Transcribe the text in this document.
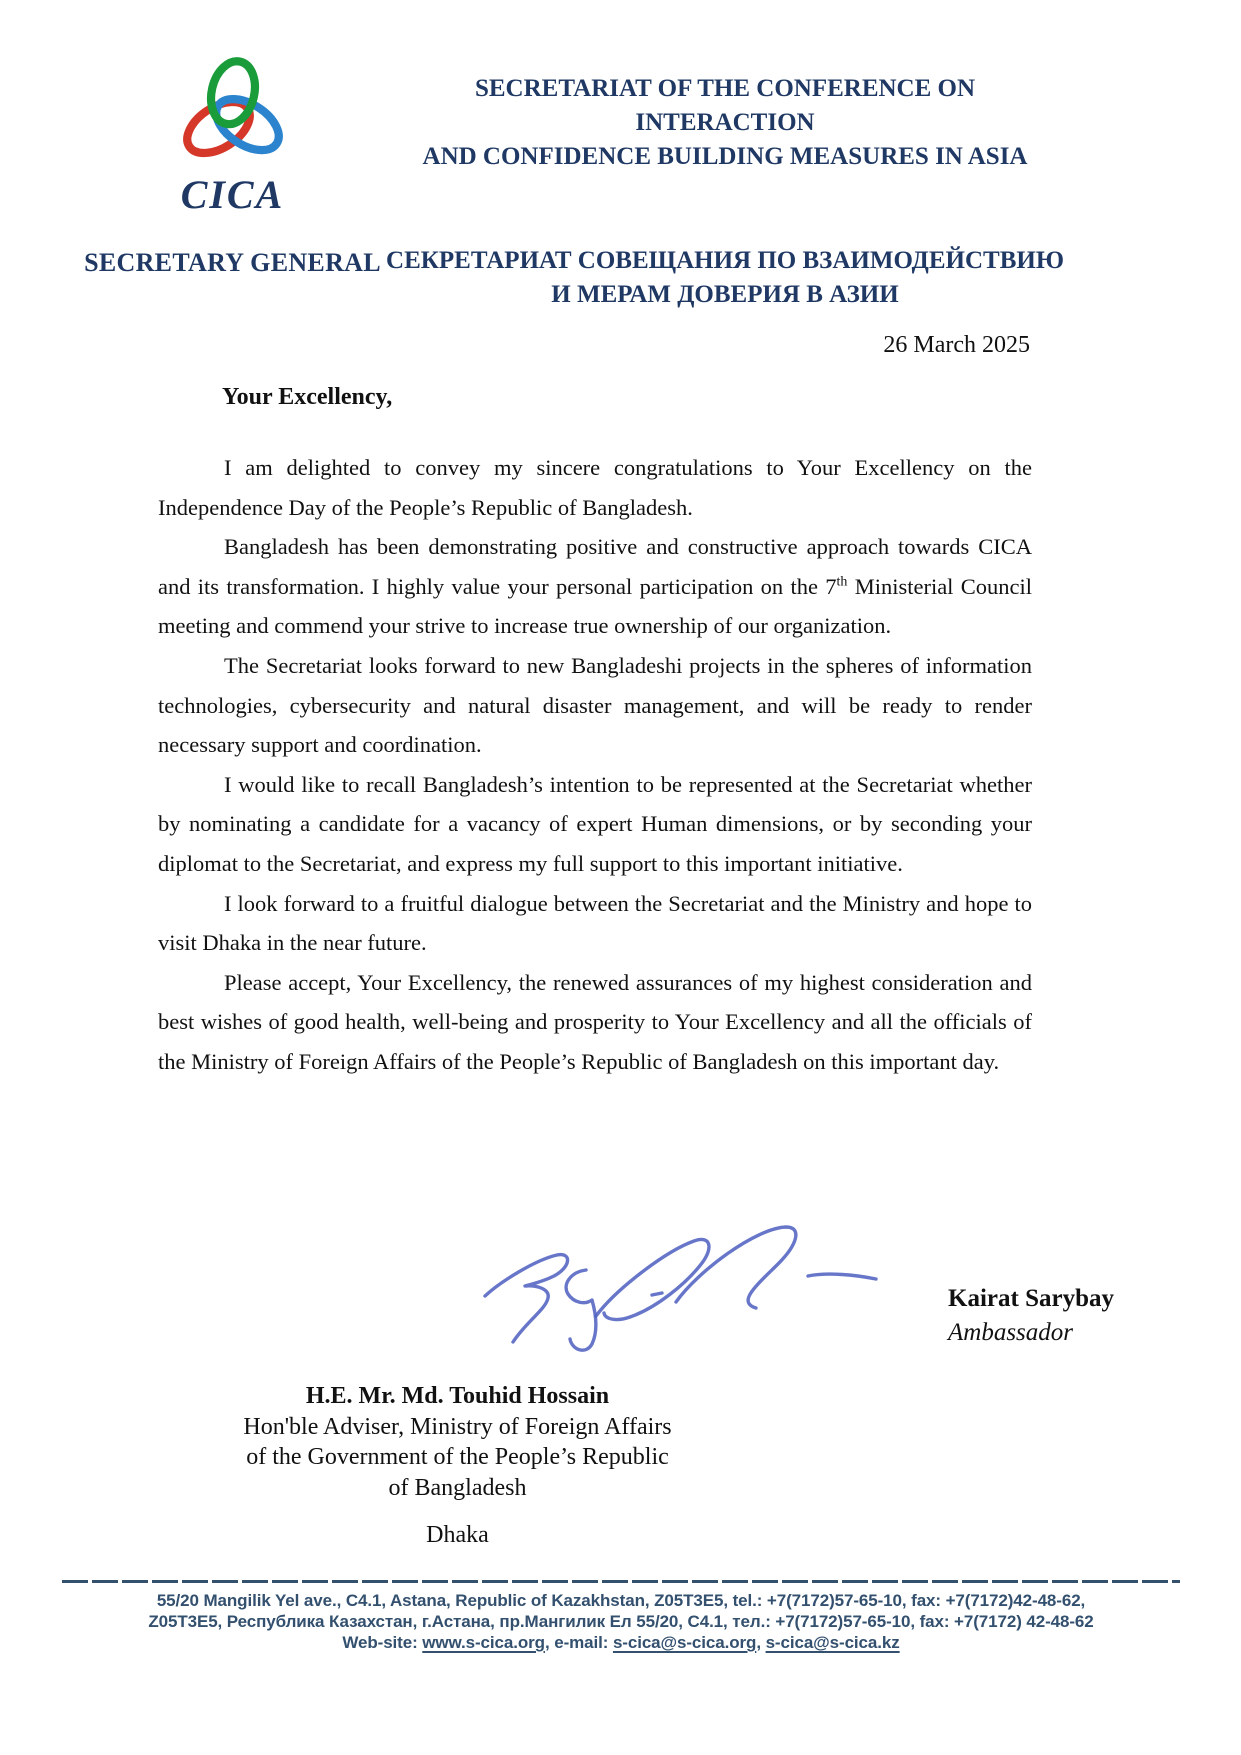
CICA
SECRETARY GENERAL
SECRETARIAT OF THE CONFERENCE ON INTERACTION
AND CONFIDENCE BUILDING MEASURES IN ASIA
СЕКРЕТАРИАТ СОВЕЩАНИЯ ПО ВЗАИМОДЕЙСТВИЮ
И МЕРАМ ДОВЕРИЯ В АЗИИ
26 March 2025
Your Excellency,

I am delighted to convey my sincere congratulations to Your Excellency on the Independence Day of the People’s Republic of Bangladesh.

Bangladesh has been demonstrating positive and constructive approach towards CICA and its transformation. I highly value your personal participation on the 7th Ministerial Council meeting and commend your strive to increase true ownership of our organization.

The Secretariat looks forward to new Bangladeshi projects in the spheres of information technologies, cybersecurity and natural disaster management, and will be ready to render necessary support and coordination.

I would like to recall Bangladesh’s intention to be represented at the Secretariat whether by nominating a candidate for a vacancy of expert Human dimensions, or by seconding your diplomat to the Secretariat, and express my full support to this important initiative.

I look forward to a fruitful dialogue between the Secretariat and the Ministry and hope to visit Dhaka in the near future.

Please accept, Your Excellency, the renewed assurances of my highest consideration and best wishes of good health, well-being and prosperity to Your Excellency and all the officials of the Ministry of Foreign Affairs of the People’s Republic of Bangladesh on this important day.

Kairat Sarybay
Ambassador
H.E. Mr. Md. Touhid Hossain
Hon'ble Adviser, Ministry of Foreign Affairs
of the Government of the People’s Republic
of Bangladesh
Dhaka
55/20 Mangilik Yel ave., C4.1, Astana, Republic of Kazakhstan, Z05T3E5, tel.: +7(7172)57-65-10, fax: +7(7172)42-48-62,
Z05T3E5, Республика Казахстан, г.Астана, пр.Мангилик Ел 55/20, C4.1, тел.: +7(7172)57-65-10, fax: +7(7172) 42-48-62
Web-site: www.s-cica.org, e-mail: s-cica@s-cica.org, s-cica@s-cica.kz
